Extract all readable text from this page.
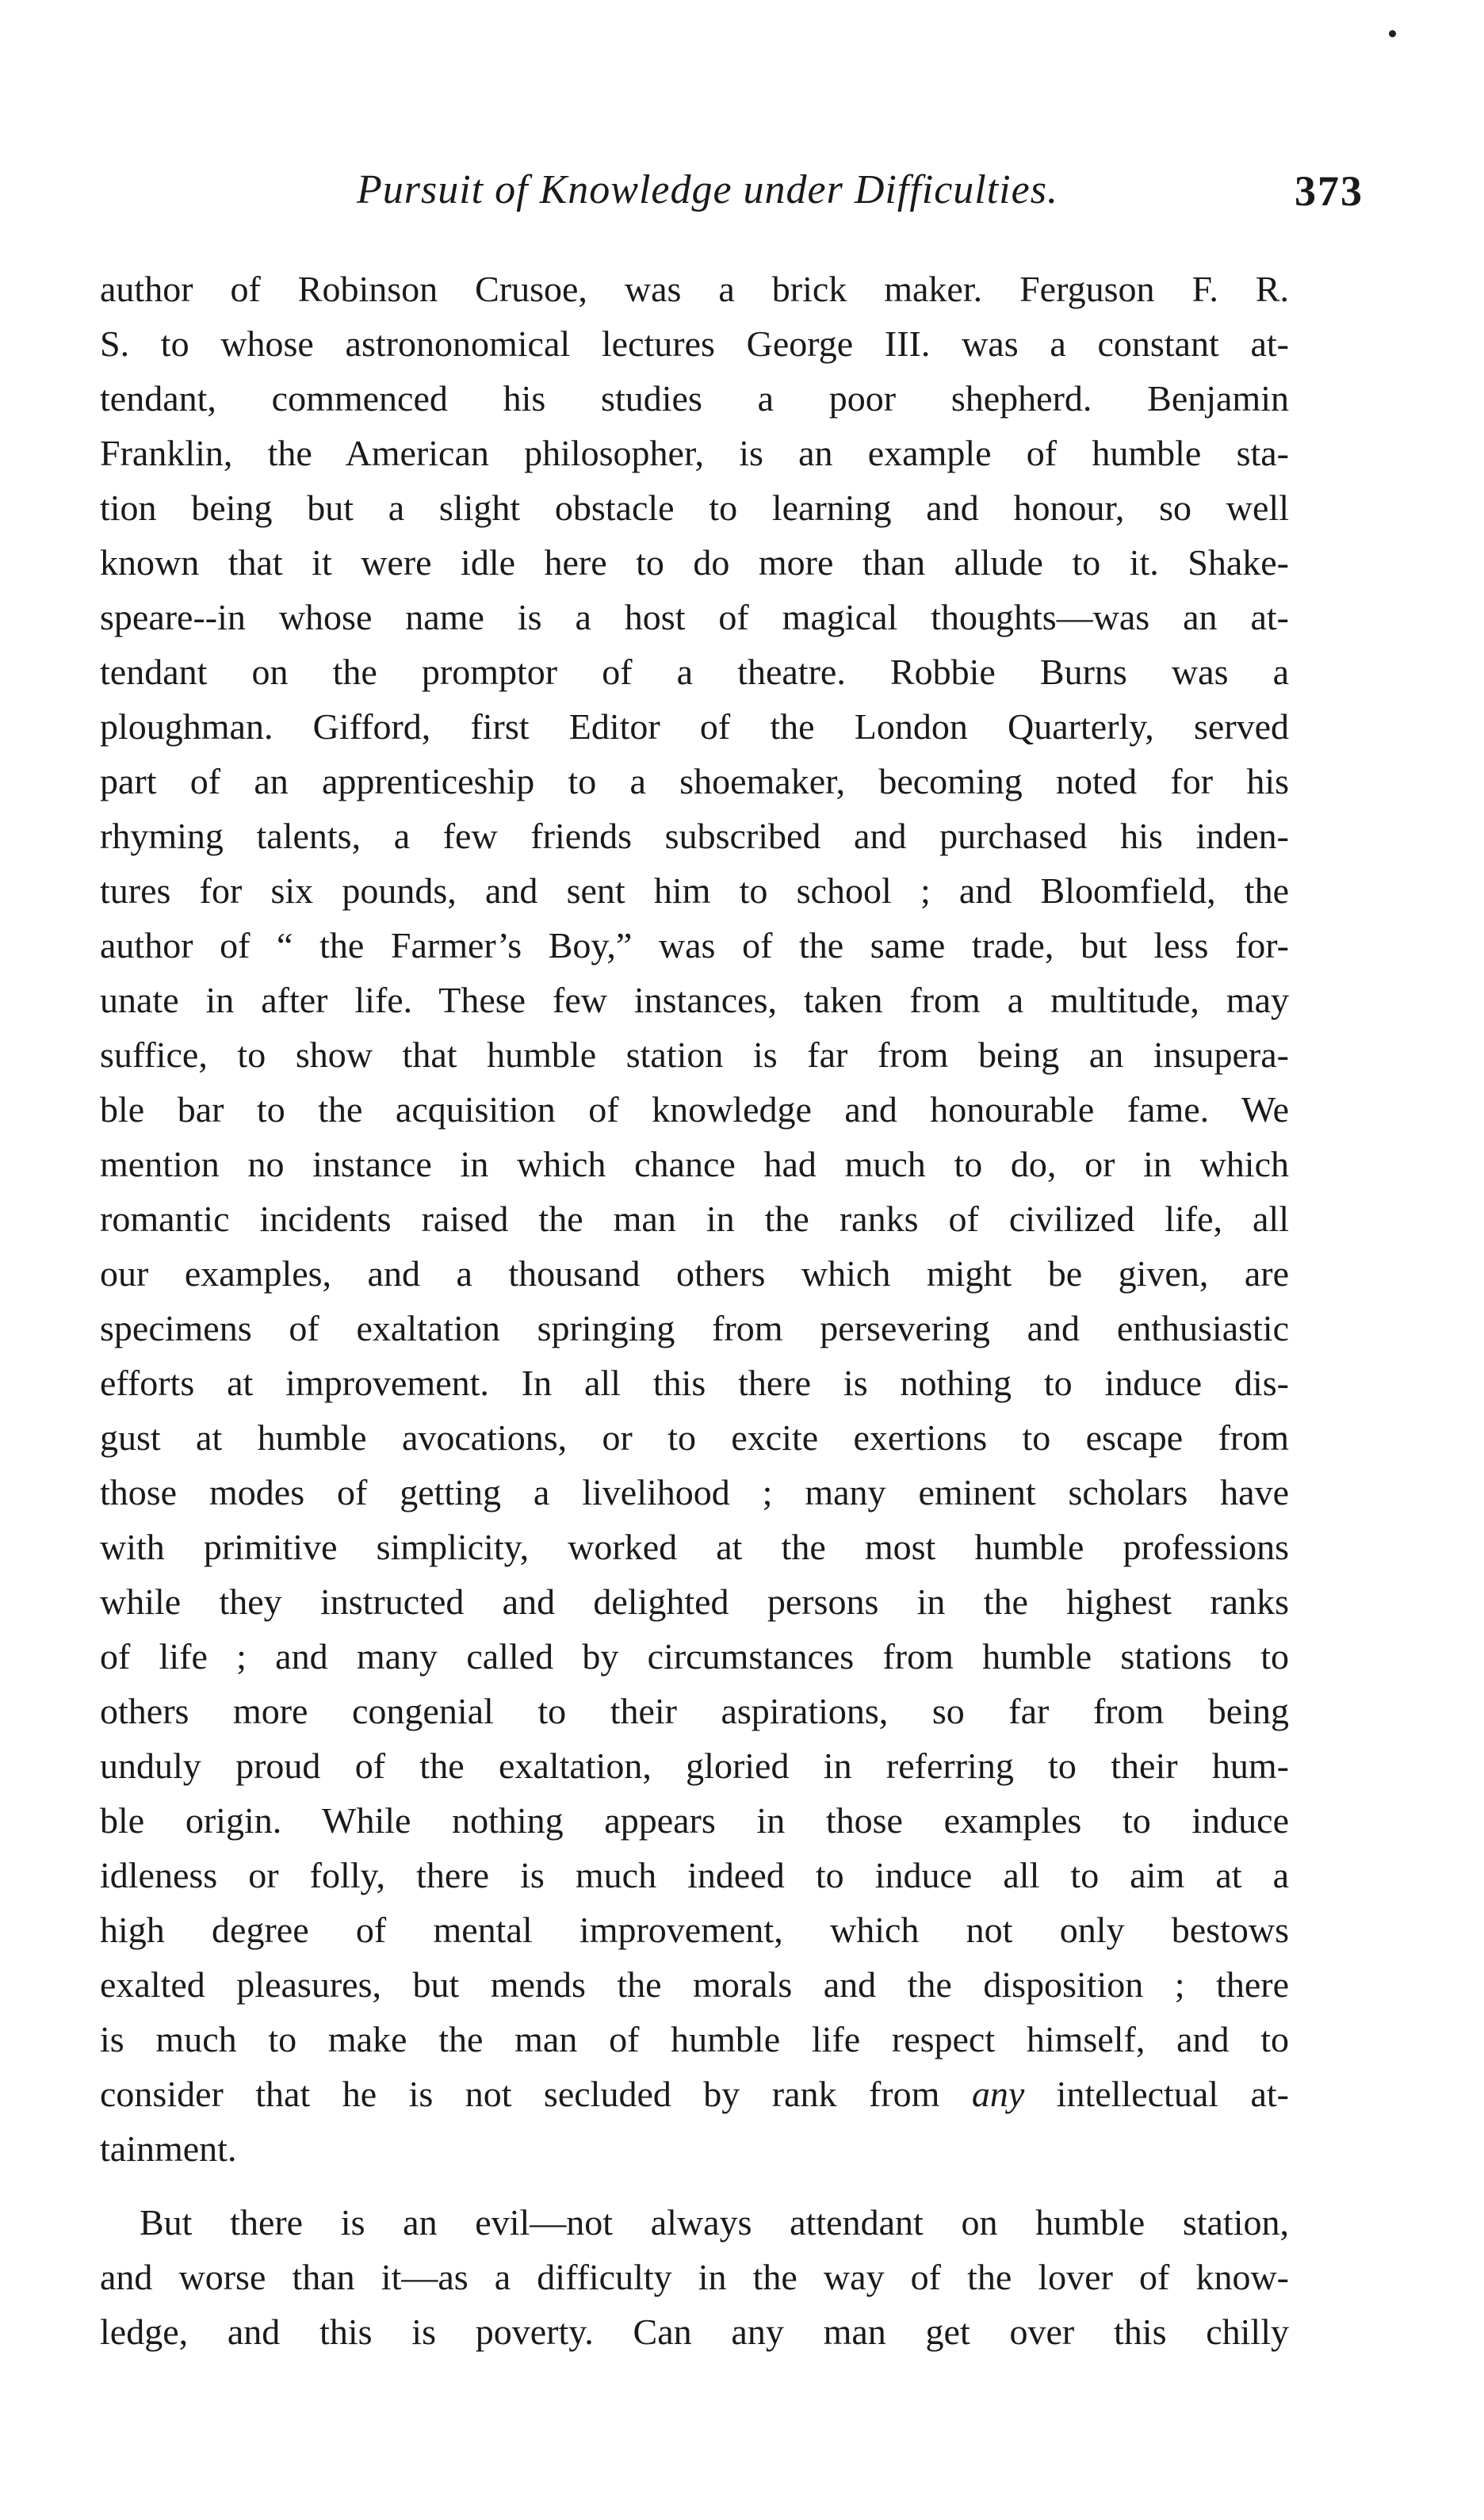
Pursuit of Knowledge under Difficulties.	373
author of Robinson Crusoe, was a brick maker. Ferguson F. R.
S. to whose astrononomical lectures George III. was a constant at-
tendant, commenced his studies a poor shepherd. Benjamin
Franklin, the American philosopher, is an example of humble sta-
tion being but a slight obstacle to learning and honour, so well
known that it were idle here to do more than allude to it. Shake-
speare--in whose name is a host of magical thoughts—was an at-
tendant on the promptor of a theatre. Robbie Burns was a
ploughman. Gifford, first Editor of the London Quarterly, served
part of an apprenticeship to a shoemaker, becoming noted for his
rhyming talents, a few friends subscribed and purchased his inden-
tures for six pounds, and sent him to school ; and Bloomfield, the
author of “ the Farmer’s Boy,” was of the same trade, but less for-
unate in after life. These few instances, taken from a multitude, may
suffice, to show that humble station is far from being an insupera-
ble bar to the acquisition of knowledge and honourable fame. We
mention no instance in which chance had much to do, or in which
romantic incidents raised the man in the ranks of civilized life, all
our examples, and a thousand others which might be given, are
specimens of exaltation springing from persevering and enthusiastic
efforts at improvement. In all this there is nothing to induce dis-
gust at humble avocations, or to excite exertions to escape from
those modes of getting a livelihood ; many eminent scholars have
with primitive simplicity, worked at the most humble professions
while they instructed and delighted persons in the highest ranks
of life ; and many called by circumstances from humble stations to
others more congenial to their aspirations, so far from being
unduly proud of the exaltation, gloried in referring to their hum-
ble origin. While nothing appears in those examples to induce
idleness or folly, there is much indeed to induce all to aim at a
high degree of mental improvement, which not only bestows
exalted pleasures, but mends the morals and the disposition ; there
is much to make the man of humble life respect himself, and to
consider that he is not secluded by rank from any intellectual at-
tainment.
But there is an evil—not always attendant on humble station,
and worse than it—as a difficulty in the way of the lover of know-
ledge, and this is poverty. Can any man get over this chilly
